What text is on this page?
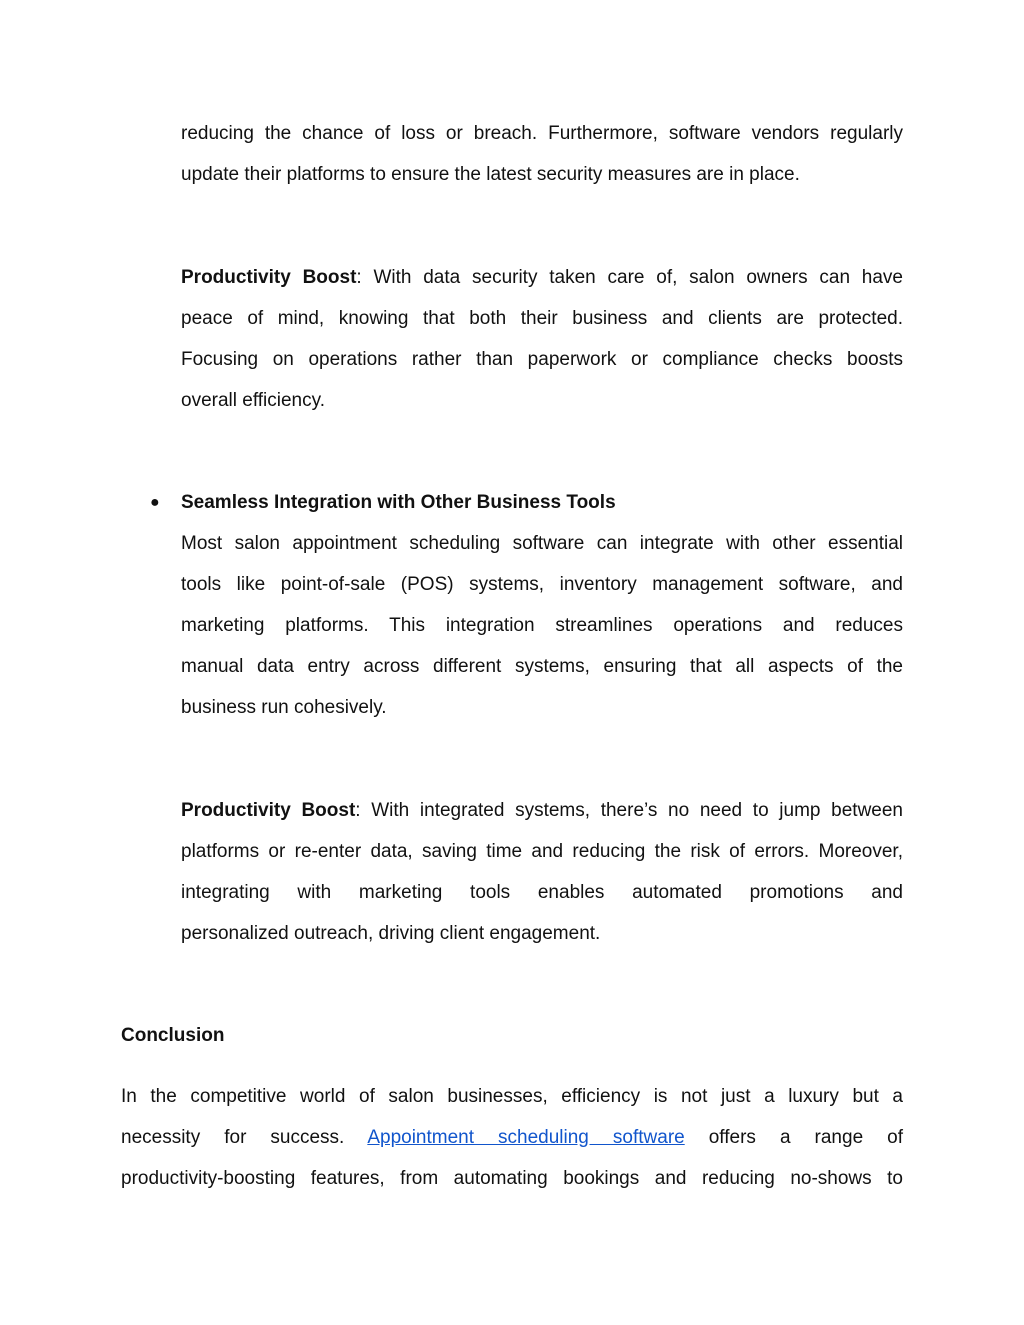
reducing the chance of loss or breach. Furthermore, software vendors regularly
update their platforms to ensure the latest security measures are in place.
Productivity Boost: With data security taken care of, salon owners can have
peace of mind, knowing that both their business and clients are protected.
Focusing on operations rather than paperwork or compliance checks boosts
overall efficiency.
● Seamless Integration with Other Business Tools
Most salon appointment scheduling software can integrate with other essential
tools like point-of-sale (POS) systems, inventory management software, and
marketing platforms. This integration streamlines operations and reduces
manual data entry across different systems, ensuring that all aspects of the
business run cohesively.
Productivity Boost: With integrated systems, there’s no need to jump between
platforms or re-enter data, saving time and reducing the risk of errors. Moreover,
integrating with marketing tools enables automated promotions and
personalized outreach, driving client engagement.
Conclusion
In the competitive world of salon businesses, efficiency is not just a luxury but a
necessity for success. Appointment scheduling software offers a range of
productivity-boosting features, from automating bookings and reducing no-shows to
